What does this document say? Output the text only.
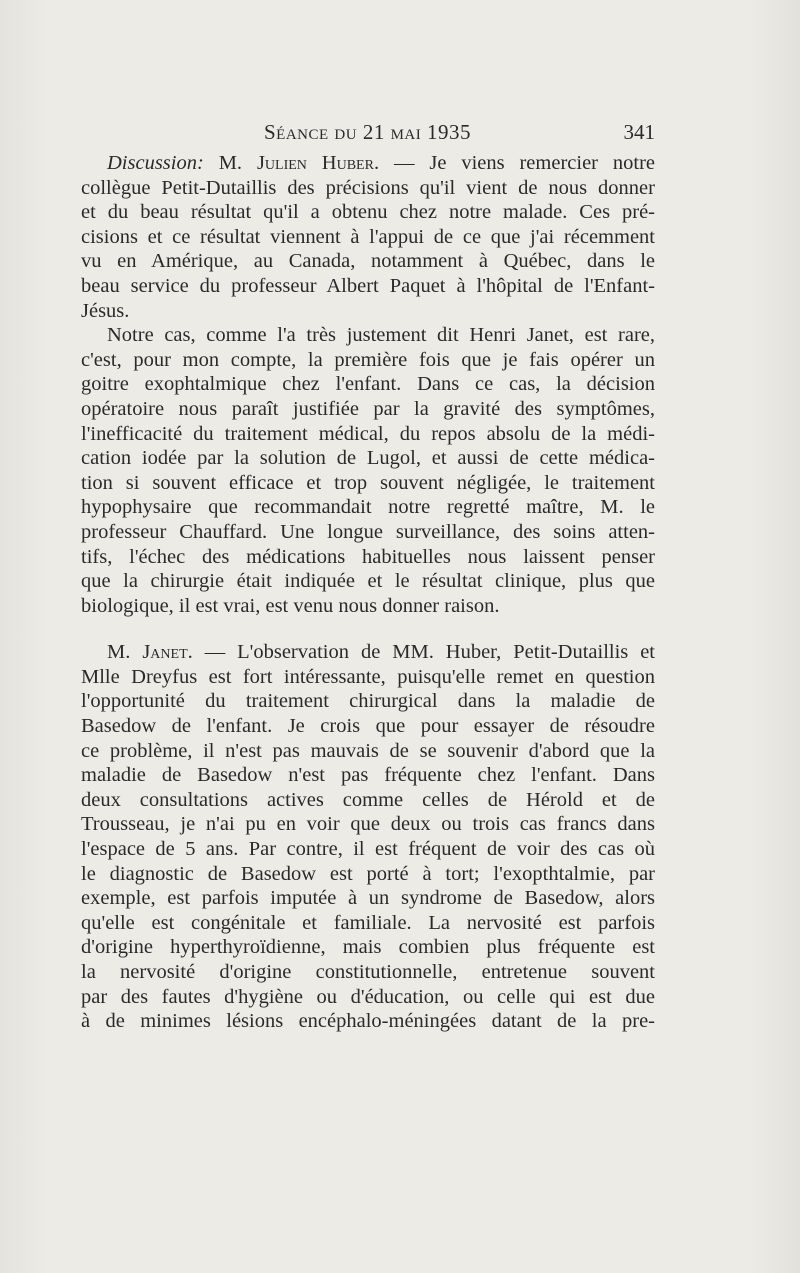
Séance du 21 mai 1935	341
Discussion: M. Julien Huber. — Je viens remercier notre
collègue Petit-Dutaillis des précisions qu'il vient de nous donner
et du beau résultat qu'il a obtenu chez notre malade. Ces pré-
cisions et ce résultat viennent à l'appui de ce que j'ai récemment
vu en Amérique, au Canada, notamment à Québec, dans le
beau service du professeur Albert Paquet à l'hôpital de l'Enfant-
Jésus.
Notre cas, comme l'a très justement dit Henri Janet, est rare,
c'est, pour mon compte, la première fois que je fais opérer un
goitre exophtalmique chez l'enfant. Dans ce cas, la décision
opératoire nous paraît justifiée par la gravité des symptômes,
l'inefficacité du traitement médical, du repos absolu de la médi-
cation iodée par la solution de Lugol, et aussi de cette médica-
tion si souvent efficace et trop souvent négligée, le traitement
hypophysaire que recommandait notre regretté maître, M. le
professeur Chauffard. Une longue surveillance, des soins atten-
tifs, l'échec des médications habituelles nous laissent penser
que la chirurgie était indiquée et le résultat clinique, plus que
biologique, il est vrai, est venu nous donner raison.
M. Janet. — L'observation de MM. Huber, Petit-Dutaillis et
Mlle Dreyfus est fort intéressante, puisqu'elle remet en question
l'opportunité du traitement chirurgical dans la maladie de
Basedow de l'enfant. Je crois que pour essayer de résoudre
ce problème, il n'est pas mauvais de se souvenir d'abord que la
maladie de Basedow n'est pas fréquente chez l'enfant. Dans
deux consultations actives comme celles de Hérold et de
Trousseau, je n'ai pu en voir que deux ou trois cas francs dans
l'espace de 5 ans. Par contre, il est fréquent de voir des cas où
le diagnostic de Basedow est porté à tort; l'exopthtalmie, par
exemple, est parfois imputée à un syndrome de Basedow, alors
qu'elle est congénitale et familiale. La nervosité est parfois
d'origine hyperthyroïdienne, mais combien plus fréquente est
la nervosité d'origine constitutionnelle, entretenue souvent
par des fautes d'hygiène ou d'éducation, ou celle qui est due
à de minimes lésions encéphalo-méningées datant de la pre-
